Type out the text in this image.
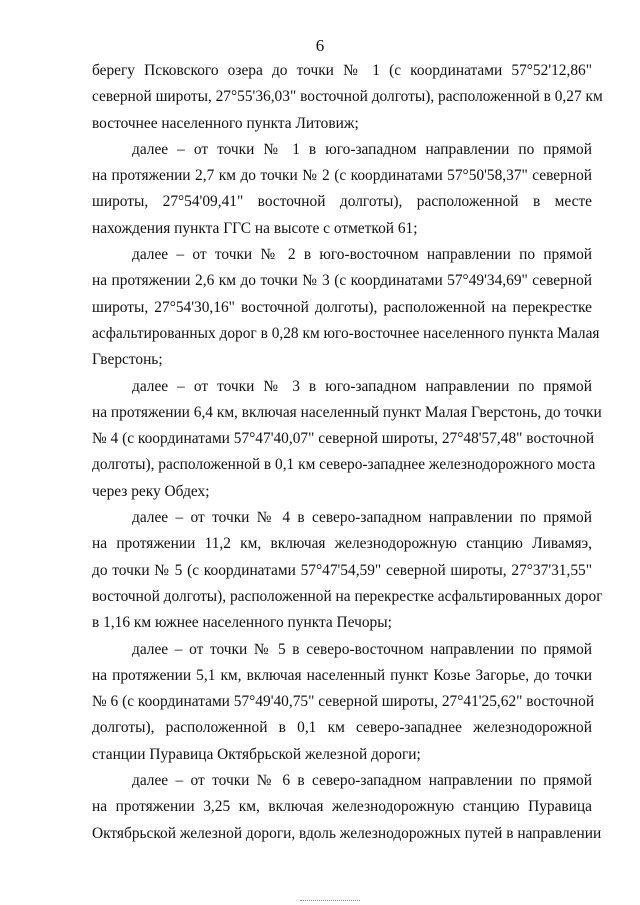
6
берегу Псковского озера до точки № 1 (с координатами 57°52'12,86"
северной широты, 27°55'36,03" восточной долготы), расположенной в 0,27 км
восточнее населенного пункта Литовиж;
далее – от точки № 1 в юго-западном направлении по прямой
на протяжении 2,7 км до точки № 2 (с координатами 57°50'58,37" северной
широты, 27°54'09,41" восточной долготы), расположенной в месте
нахождения пункта ГГС на высоте с отметкой 61;
далее – от точки № 2 в юго-восточном направлении по прямой
на протяжении 2,6 км до точки № 3 (с координатами 57°49'34,69" северной
широты, 27°54'30,16" восточной долготы), расположенной на перекрестке
асфальтированных дорог в 0,28 км юго-восточнее населенного пункта Малая
Гверстонь;
далее – от точки № 3 в юго-западном направлении по прямой
на протяжении 6,4 км, включая населенный пункт Малая Гверстонь, до точки
№ 4 (с координатами 57°47'40,07" северной широты, 27°48'57,48" восточной
долготы), расположенной в 0,1 км северо-западнее железнодорожного моста
через реку Обдех;
далее – от точки № 4 в северо-западном направлении по прямой
на протяжении 11,2 км, включая железнодорожную станцию Ливамяэ,
до точки № 5 (с координатами 57°47'54,59" северной широты, 27°37'31,55"
восточной долготы), расположенной на перекрестке асфальтированных дорог
в 1,16 км южнее населенного пункта Печоры;
далее – от точки № 5 в северо-восточном направлении по прямой
на протяжении 5,1 км, включая населенный пункт Козье Загорье, до точки
№ 6 (с координатами 57°49'40,75" северной широты, 27°41'25,62" восточной
долготы), расположенной в 0,1 км северо-западнее железнодорожной
станции Пуравица Октябрьской железной дороги;
далее – от точки № 6 в северо-западном направлении по прямой
на протяжении 3,25 км, включая железнодорожную станцию Пуравица
Октябрьской железной дороги, вдоль железнодорожных путей в направлении
